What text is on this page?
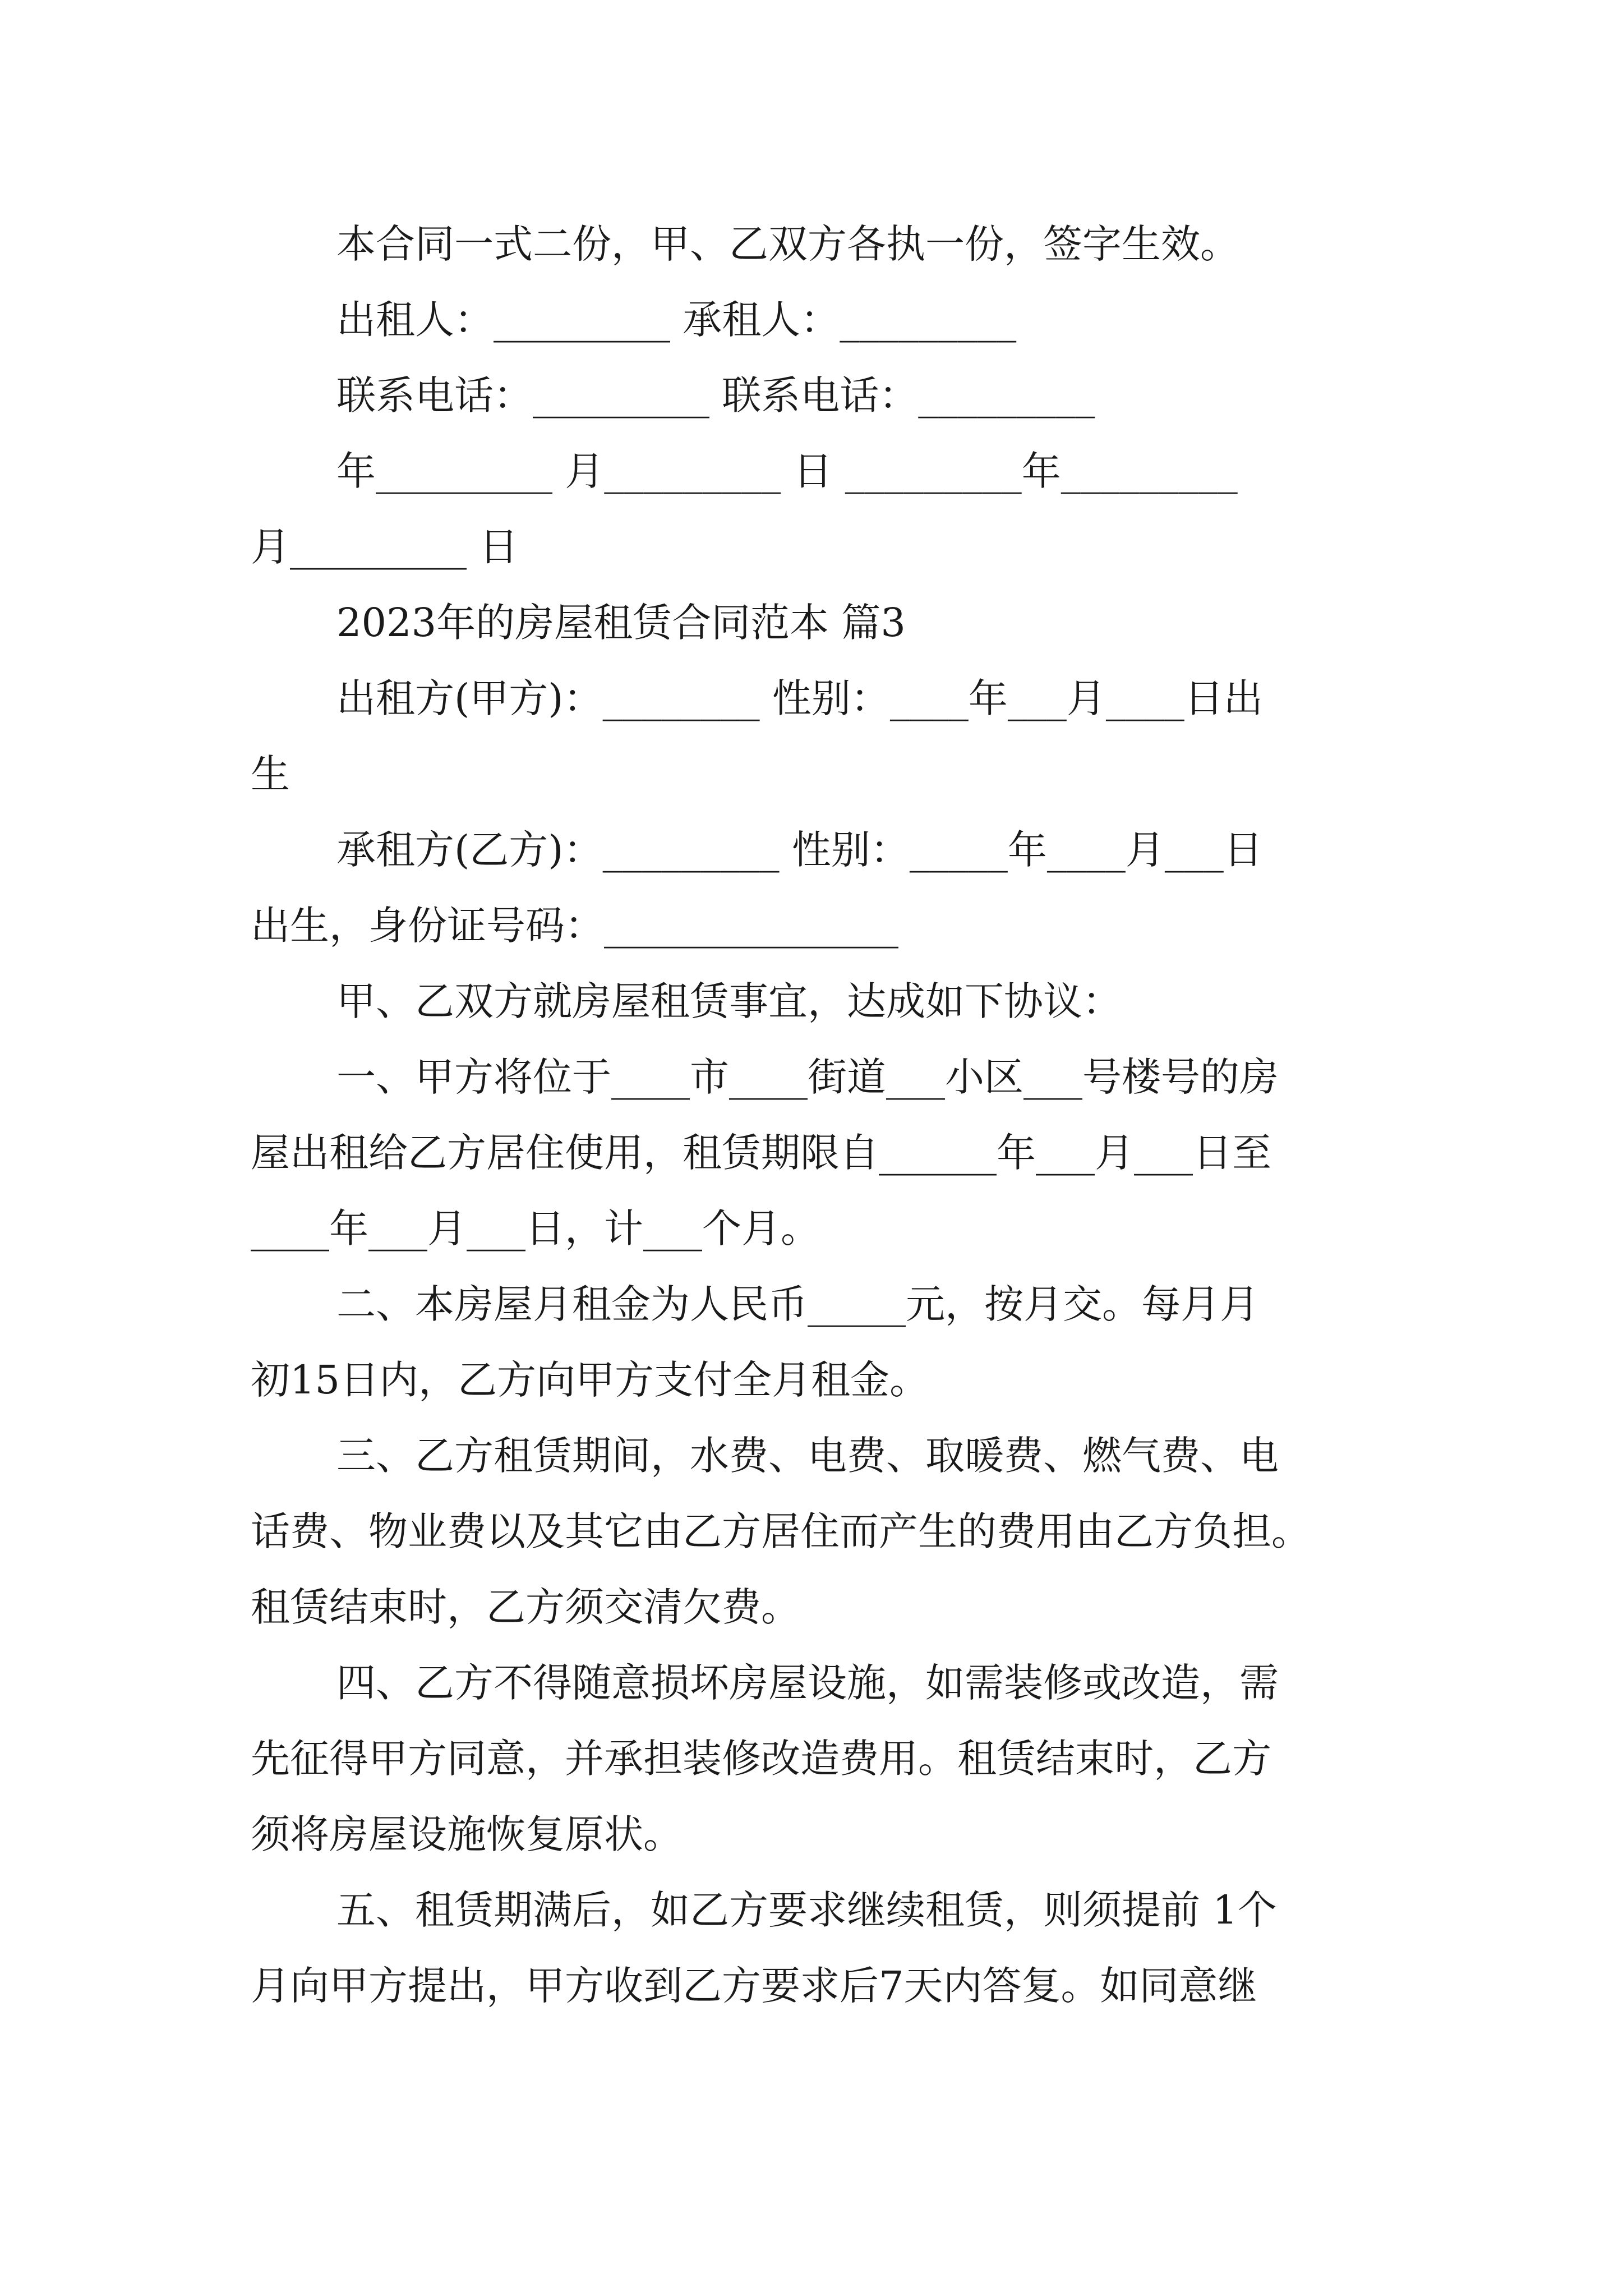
本合同一式二份，甲、乙双方各执一份，签字生效。
出租人：_________ 承租人：_________
联系电话：_________ 联系电话：_________
年_________ 月_________ 日 _________年_________
月_________ 日
2023年的房屋租赁合同范本 篇3
出租方(甲方)：________ 性别：____年___月____日出
生
承租方(乙方)：_________ 性别：_____年____月___日
出生，身份证号码：_______________
甲、乙双方就房屋租赁事宜，达成如下协议：
一、甲方将位于____市____街道___小区___号楼号的房
屋出租给乙方居住使用，租赁期限自______年___月___日至
____年___月___日，计___个月。
二、本房屋月租金为人民币_____元，按月交。每月月
初15日内，乙方向甲方支付全月租金。
三、乙方租赁期间，水费、电费、取暖费、燃气费、电
话费、物业费以及其它由乙方居住而产生的费用由乙方负担。
租赁结束时，乙方须交清欠费。
四、乙方不得随意损坏房屋设施，如需装修或改造，需
先征得甲方同意，并承担装修改造费用。租赁结束时，乙方
须将房屋设施恢复原状。
五、租赁期满后，如乙方要求继续租赁，则须提前 1个
月向甲方提出，甲方收到乙方要求后7天内答复。如同意继
